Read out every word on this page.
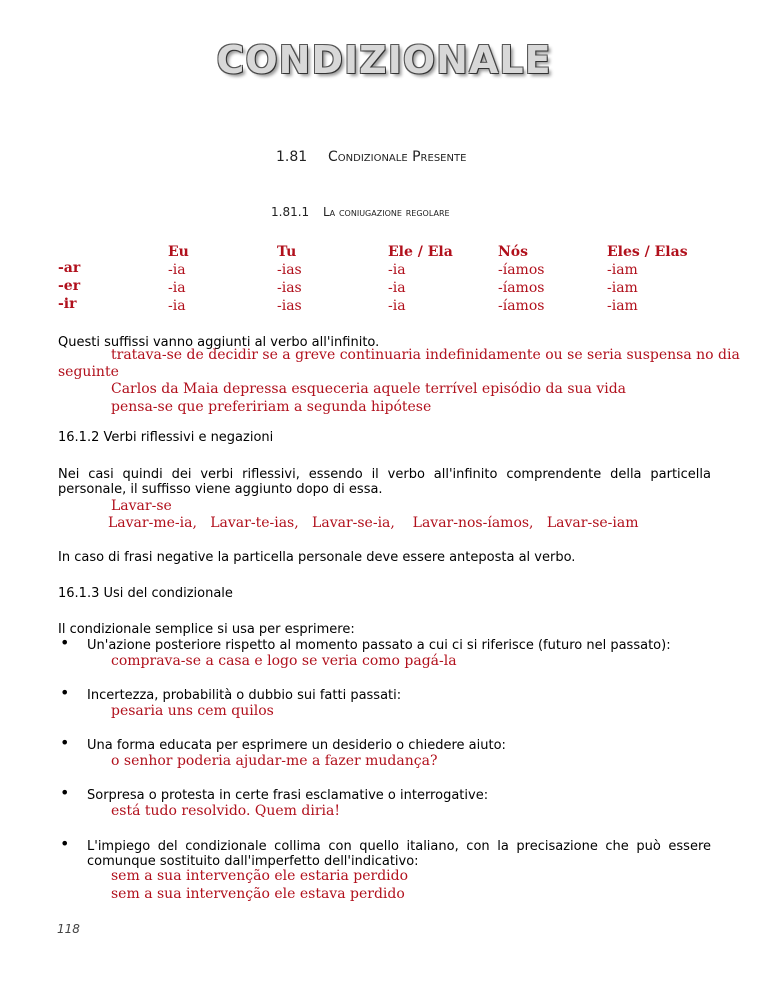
CONDIZIONALE
1.81 Condizionale Presente
1.81.1 La coniugazione regolare
-ar
-er
-ir
Eu
-ia
-ia
-ia
Tu
-ias
-ias
-ias
Ele / Ela
-ia
-ia
-ia
Nós
-íamos
-íamos
-íamos
Eles / Elas
-iam
-iam
-iam
Questi suffissi vanno aggiunti al verbo all'infinito.
tratava-se de decidir se a greve continuaria indefinidamente ou se seria suspensa no dia
seguinte
Carlos da Maia depressa esqueceria aquele terrível episódio da sua vida
pensa-se que prefeririam a segunda hipótese
16.1.2 Verbi riflessivi e negazioni
Nei casi quindi dei verbi riflessivi, essendo il verbo all'infinito comprendente della particella
personale, il suffisso viene aggiunto dopo di essa.
Lavar-se
Lavar-me-ia, Lavar-te-ias, Lavar-se-ia, Lavar-nos-íamos, Lavar-se-iam
In caso di frasi negative la particella personale deve essere anteposta al verbo.
16.1.3 Usi del condizionale
Il condizionale semplice si usa per esprimere:
• Un'azione posteriore rispetto al momento passato a cui ci si riferisce (futuro nel passato):
comprava-se a casa e logo se veria como pagá-la
• Incertezza, probabilità o dubbio sui fatti passati:
pesaria uns cem quilos
• Una forma educata per esprimere un desiderio o chiedere aiuto:
o senhor poderia ajudar-me a fazer mudança?
• Sorpresa o protesta in certe frasi esclamative o interrogative:
está tudo resolvido. Quem diria!
• L'impiego del condizionale collima con quello italiano, con la precisazione che può essere
comunque sostituito dall'imperfetto dell'indicativo:
sem a sua intervenção ele estaria perdido
sem a sua intervenção ele estava perdido
118
